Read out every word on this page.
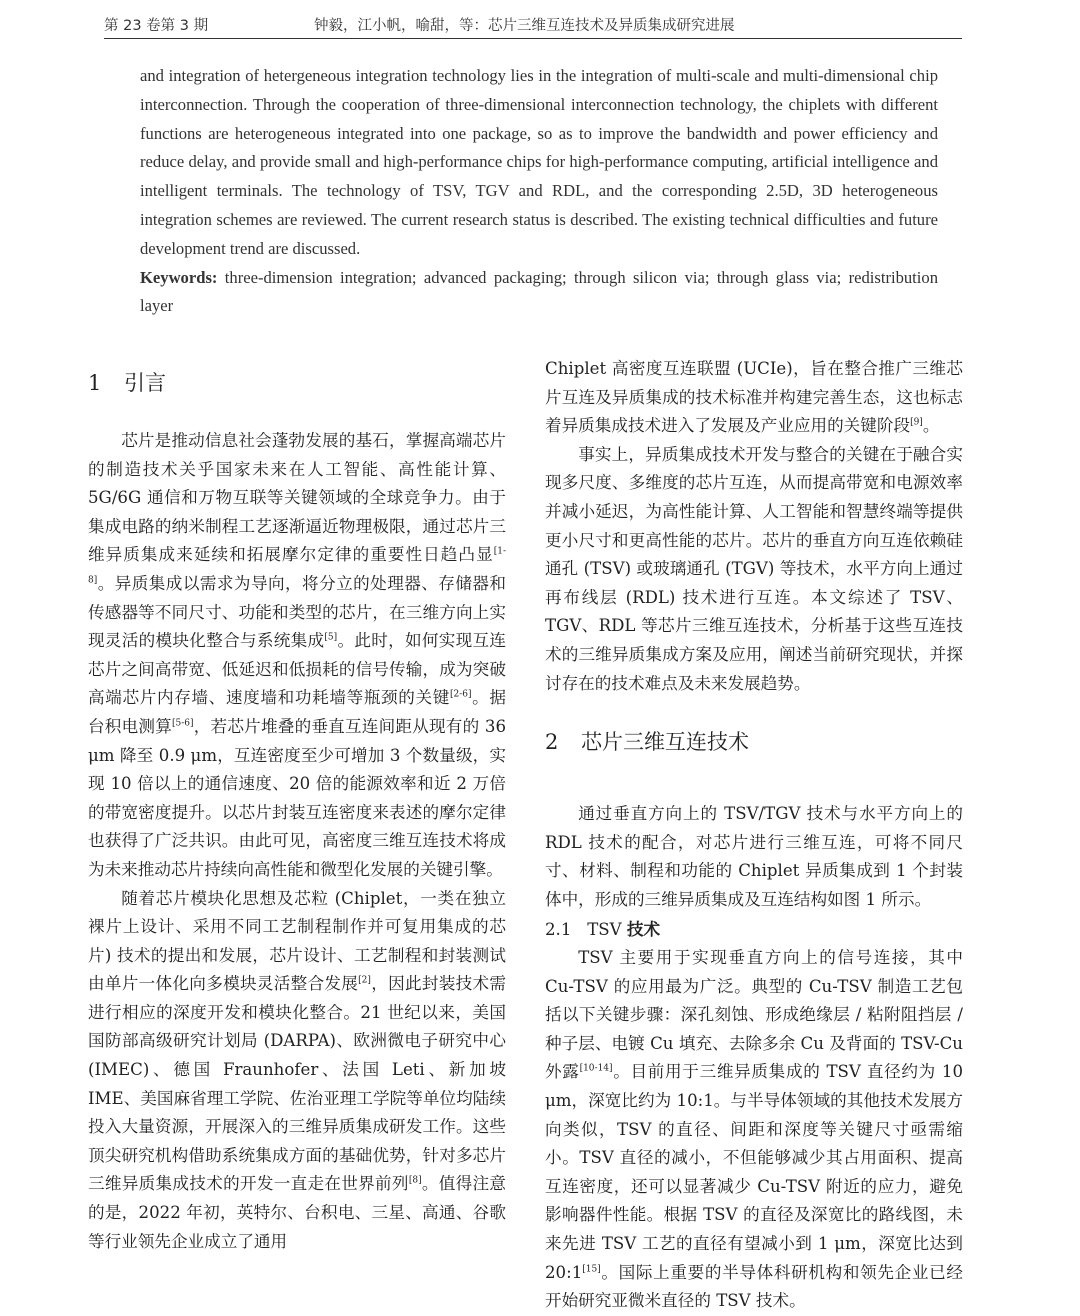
第 23 卷第 3 期	钟毅，江小帆，喻甜，等：芯片三维互连技术及异质集成研究进展

and integration of hetergeneous integration technology lies in the integration of multi-scale and multi-dimensional chip interconnection. Through the cooperation of three-dimensional interconnection technology, the chiplets with different functions are heterogeneous integrated into one package, so as to improve the bandwidth and power efficiency and reduce delay, and provide small and high-performance chips for high-performance computing, artificial intelligence and intelligent terminals. The technology of TSV, TGV and RDL, and the corresponding 2.5D, 3D heterogeneous integration schemes are reviewed. The current research status is described. The existing technical difficulties and future development trend are discussed.

Keywords: three-dimension integration; advanced packaging; through silicon via; through glass via; redistribution layer

1 引言

芯片是推动信息社会蓬勃发展的基石，掌握高端芯片的制造技术关乎国家未来在人工智能、高性能计算、5G/6G 通信和万物互联等关键领域的全球竞争力。由于集成电路的纳米制程工艺逐渐逼近物理极限，通过芯片三维异质集成来延续和拓展摩尔定律的重要性日趋凸显[1-8]。异质集成以需求为导向，将分立的处理器、存储器和传感器等不同尺寸、功能和类型的芯片，在三维方向上实现灵活的模块化整合与系统集成[5]。此时，如何实现互连芯片之间高带宽、低延迟和低损耗的信号传输，成为突破高端芯片内存墙、速度墙和功耗墙等瓶颈的关键[2-6]。据台积电测算[5-6]，若芯片堆叠的垂直互连间距从现有的 36 μm 降至 0.9 μm，互连密度至少可增加 3 个数量级，实现 10 倍以上的通信速度、20 倍的能源效率和近 2 万倍的带宽密度提升。以芯片封装互连密度来表述的摩尔定律也获得了广泛共识。由此可见，高密度三维互连技术将成为未来推动芯片持续向高性能和微型化发展的关键引擎。

随着芯片模块化思想及芯粒 (Chiplet，一类在独立裸片上设计、采用不同工艺制程制作并可复用集成的芯片) 技术的提出和发展，芯片设计、工艺制程和封装测试由单片一体化向多模块灵活整合发展[2]，因此封装技术需进行相应的深度开发和模块化整合。21 世纪以来，美国国防部高级研究计划局 (DARPA)、欧洲微电子研究中心 (IMEC)、德国 Fraunhofer、法国 Leti、新加坡 IME、美国麻省理工学院、佐治亚理工学院等单位均陆续投入大量资源，开展深入的三维异质集成研发工作。这些顶尖研究机构借助系统集成方面的基础优势，针对多芯片三维异质集成技术的开发一直走在世界前列[8]。值得注意的是，2022 年初，英特尔、台积电、三星、高通、谷歌等行业领先企业成立了通用

Chiplet 高密度互连联盟 (UCIe)，旨在整合推广三维芯片互连及异质集成的技术标准并构建完善生态，这也标志着异质集成技术进入了发展及产业应用的关键阶段[9]。

事实上，异质集成技术开发与整合的关键在于融合实现多尺度、多维度的芯片互连，从而提高带宽和电源效率并减小延迟，为高性能计算、人工智能和智慧终端等提供更小尺寸和更高性能的芯片。芯片的垂直方向互连依赖硅通孔 (TSV) 或玻璃通孔 (TGV) 等技术，水平方向上通过再布线层 (RDL) 技术进行互连。本文综述了 TSV、TGV、RDL 等芯片三维互连技术，分析基于这些互连技术的三维异质集成方案及应用，阐述当前研究现状，并探讨存在的技术难点及未来发展趋势。

2 芯片三维互连技术

通过垂直方向上的 TSV/TGV 技术与水平方向上的 RDL 技术的配合，对芯片进行三维互连，可将不同尺寸、材料、制程和功能的 Chiplet 异质集成到 1 个封装体中，形成的三维异质集成及互连结构如图 1 所示。

2.1 TSV 技术

TSV 主要用于实现垂直方向上的信号连接，其中 Cu-TSV 的应用最为广泛。典型的 Cu-TSV 制造工艺包括以下关键步骤：深孔刻蚀、形成绝缘层 / 粘附阻挡层 / 种子层、电镀 Cu 填充、去除多余 Cu 及背面的 TSV-Cu 外露[10-14]。目前用于三维异质集成的 TSV 直径约为 10 μm，深宽比约为 10:1。与半导体领域的其他技术发展方向类似，TSV 的直径、间距和深度等关键尺寸亟需缩小。TSV 直径的减小，不但能够减少其占用面积、提高互连密度，还可以显著减少 Cu-TSV 附近的应力，避免影响器件性能。根据 TSV 的直径及深宽比的路线图，未来先进 TSV 工艺的直径有望减小到 1 μm，深宽比达到 20:1[15]。国际上重要的半导体科研机构和领先企业已经开始研究亚微米直径的 TSV 技术。
